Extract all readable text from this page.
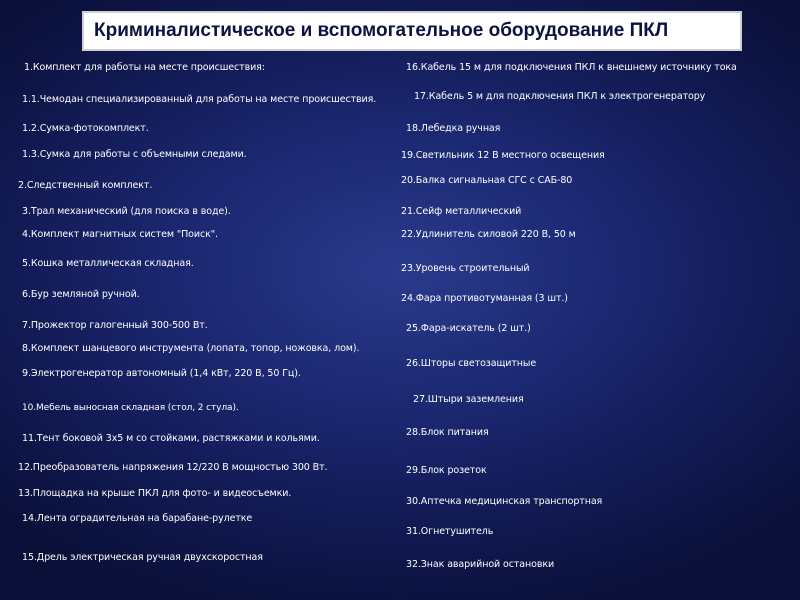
Криминалистическое и вспомогательное оборудование ПКЛ
1.Комплект для работы на месте происшествия:
1.1.Чемодан специализированный для работы на месте происшествия.
1.2.Сумка-фотокомплект.
1.3.Сумка для работы с объемными следами.
2.Следственный комплект.
3.Трал механический (для поиска в воде).
4.Комплект магнитных систем "Поиск".
5.Кошка металлическая складная.
6.Бур земляной ручной.
7.Прожектор галогенный 300-500 Вт.
8.Комплект шанцевого инструмента (лопата, топор, ножовка, лом).
9.Электрогенератор автономный (1,4 кВт, 220 В, 50 Гц).
10.Мебель выносная складная (стол, 2 стула).
11.Тент боковой 3х5 м со стойками, растяжками и кольями.
12.Преобразователь напряжения 12/220 В мощностью 300 Вт.
13.Площадка на крыше ПКЛ для фото- и видеосъемки.
14.Лента оградительная на барабане-рулетке
15.Дрель электрическая ручная двухскоростная
16.Кабель 15 м для подключения ПКЛ к внешнему источнику тока
17.Кабель 5 м для подключения ПКЛ к электрогенератору
18.Лебедка ручная
19.Светильник 12 В местного освещения
20.Балка сигнальная СГС с САБ-80
21.Сейф металлический
22.Удлинитель силовой 220 В, 50 м
23.Уровень строительный
24.Фара противотуманная (3 шт.)
25.Фара-искатель (2 шт.)
26.Шторы светозащитные
27.Штыри заземления
28.Блок питания
29.Блок розеток
30.Аптечка медицинская транспортная
31.Огнетушитель
32.Знак аварийной остановки
